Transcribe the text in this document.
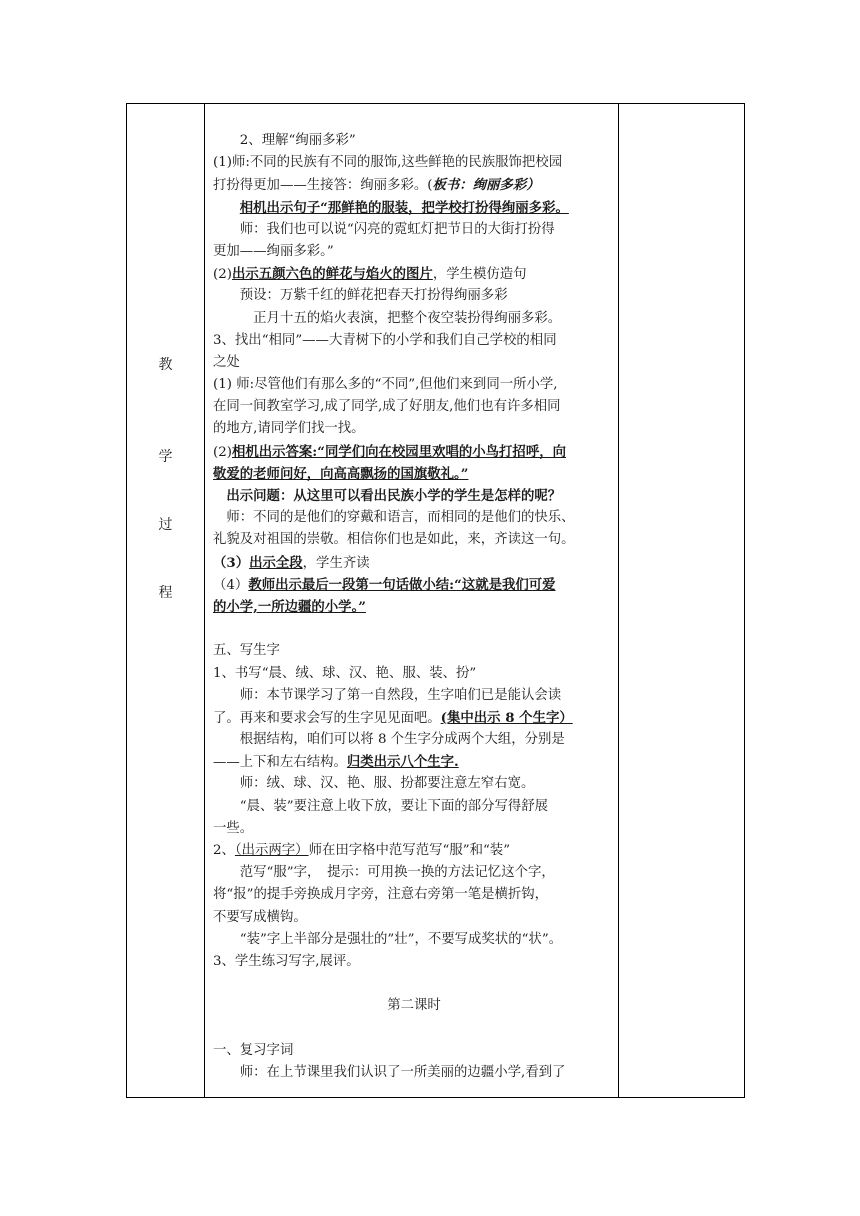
教
学
过
程
　　2、理解“绚丽多彩”
(1)师:不同的民族有不同的服饰,这些鲜艳的民族服饰把校园
打扮得更加——生接答：绚丽多彩。(板书：绚丽多彩）
　　相机出示句子“那鲜艳的服装，把学校打扮得绚丽多彩。
　　师：我们也可以说“闪亮的霓虹灯把节日的大街打扮得
更加——绚丽多彩。”
(2)出示五颜六色的鲜花与焰火的图片，学生模仿造句
　　预设：万紫千红的鲜花把春天打扮得绚丽多彩
　　　正月十五的焰火表演，把整个夜空装扮得绚丽多彩。
3、找出“相同”——大青树下的小学和我们自己学校的相同
之处
(1) 师:尽管他们有那么多的“不同”,但他们来到同一所小学,
在同一间教室学习,成了同学,成了好朋友,他们也有许多相同
的地方,请同学们找一找。
(2)相机出示答案:“同学们向在校园里欢唱的小鸟打招呼，向
敬爱的老师问好，向高高飘扬的国旗敬礼。”
　出示问题：从这里可以看出民族小学的学生是怎样的呢？
　师：不同的是他们的穿戴和语言，而相同的是他们的快乐、
礼貌及对祖国的崇敬。相信你们也是如此，来，齐读这一句。
（3）出示全段，学生齐读
（4）教师出示最后一段第一句话做小结:“这就是我们可爱
的小学,一所边疆的小学。”
五、写生字
1、书写“晨、绒、球、汉、艳、服、装、扮”
　　师：本节课学习了第一自然段，生字咱们已是能认会读
了。再来和要求会写的生字见见面吧。(集中出示 8 个生字）
　　根据结构，咱们可以将 8 个生字分成两个大组，分别是
——上下和左右结构。归类出示八个生字.
　　师：绒、球、汉、艳、服、扮都要注意左窄右宽。
　　“晨、装”要注意上收下放，要让下面的部分写得舒展
一些。
2、（出示两字）师在田字格中范写范写“服”和“装”
　　范写“服”字，　提示：可用换一换的方法记忆这个字，
将“报”的提手旁换成月字旁，注意右旁第一笔是横折钩，
不要写成横钩。
　　“装”字上半部分是强壮的”壮”，不要写成奖状的“状”。
3、学生练习写字,展评。
第二课时
一、复习字词
　　师：在上节课里我们认识了一所美丽的边疆小学,看到了
